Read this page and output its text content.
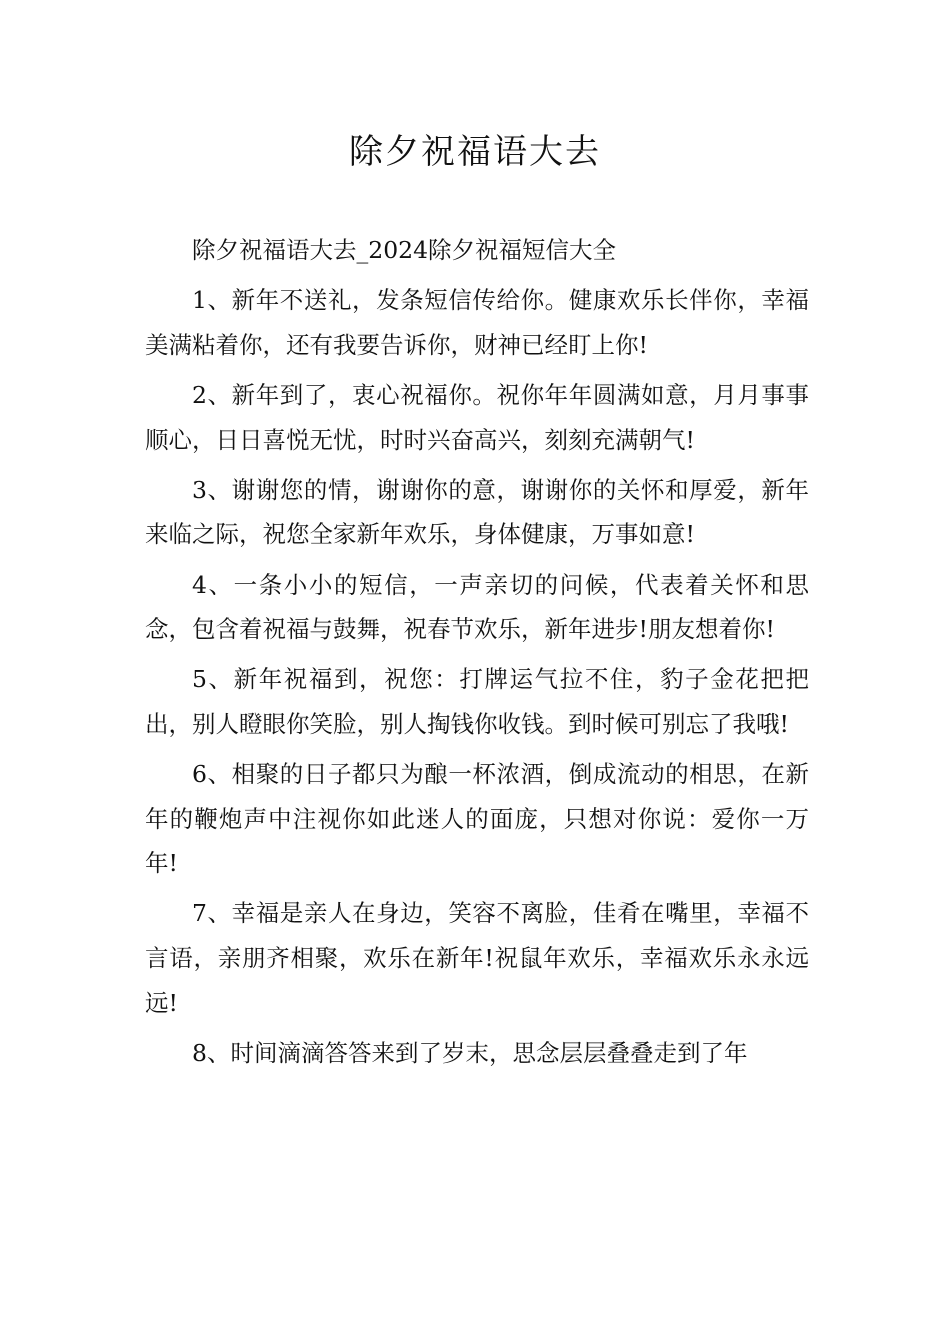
除夕祝福语大去

除夕祝福语大去_2024除夕祝福短信大全

1、新年不送礼，发条短信传给你。健康欢乐长伴你，幸福美满粘着你，还有我要告诉你，财神已经盯上你!

2、新年到了，衷心祝福你。祝你年年圆满如意，月月事事顺心，日日喜悦无忧，时时兴奋高兴，刻刻充满朝气!

3、谢谢您的情，谢谢你的意，谢谢你的关怀和厚爱，新年来临之际，祝您全家新年欢乐，身体健康，万事如意!

4、一条小小的短信，一声亲切的问候，代表着关怀和思念，包含着祝福与鼓舞，祝春节欢乐，新年进步!朋友想着你!

5、新年祝福到，祝您：打牌运气拉不住，豹子金花把把出，别人瞪眼你笑脸，别人掏钱你收钱。到时候可别忘了我哦!

6、相聚的日子都只为酿一杯浓酒，倒成流动的相思，在新年的鞭炮声中注视你如此迷人的面庞，只想对你说：爱你一万年!

7、幸福是亲人在身边，笑容不离脸，佳肴在嘴里，幸福不言语，亲朋齐相聚，欢乐在新年!祝鼠年欢乐，幸福欢乐永永远远!

8、时间滴滴答答来到了岁末，思念层层叠叠走到了年
